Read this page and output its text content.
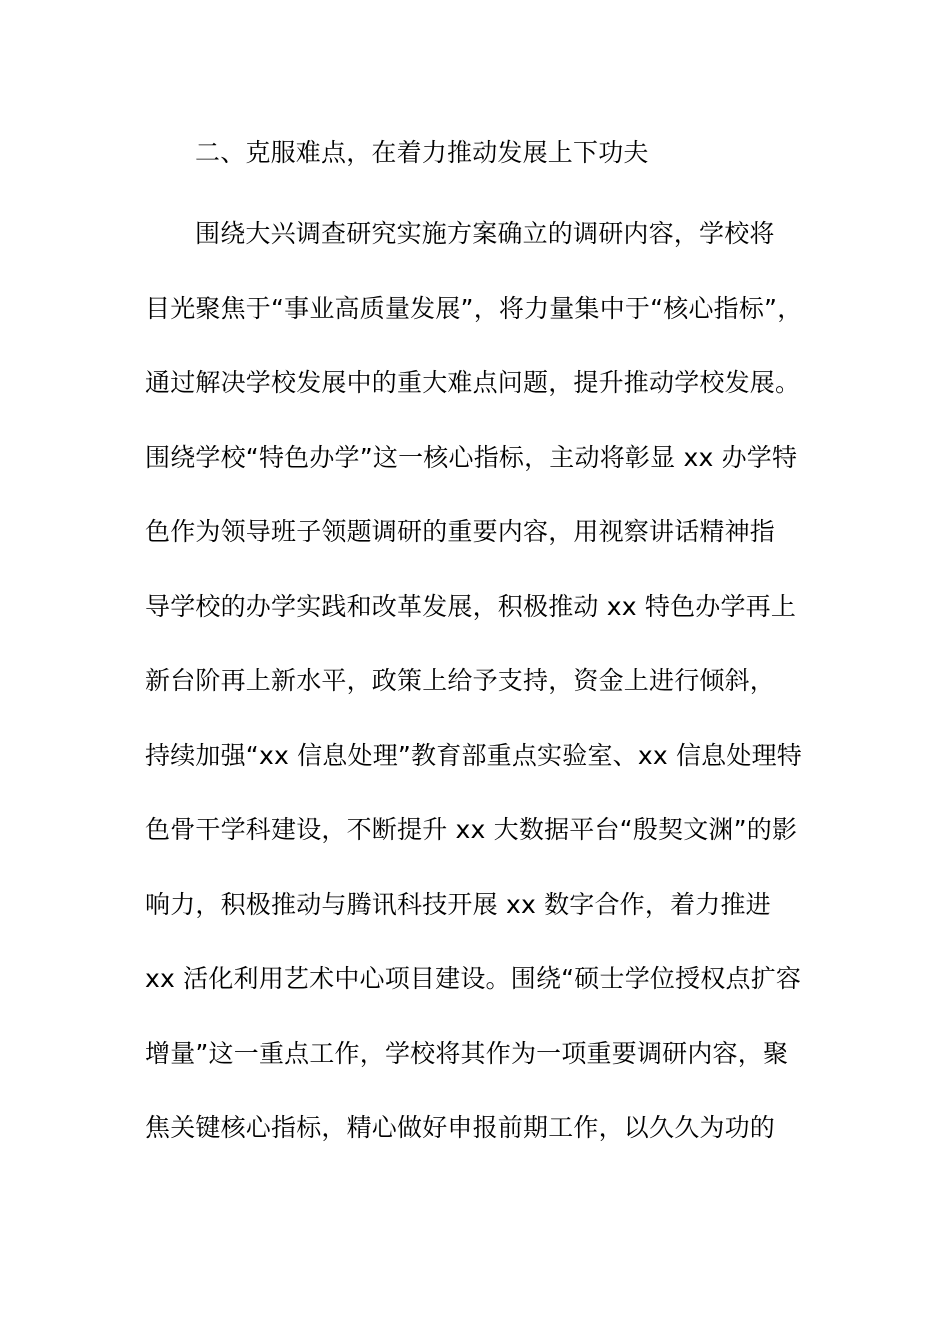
二、克服难点，在着力推动发展上下功夫
围绕大兴调查研究实施方案确立的调研内容，学校将
目光聚焦于“事业高质量发展”，将力量集中于“核心指标”，
通过解决学校发展中的重大难点问题，提升推动学校发展。
围绕学校“特色办学”这一核心指标，主动将彰显 xx 办学特
色作为领导班子领题调研的重要内容，用视察讲话精神指
导学校的办学实践和改革发展，积极推动 xx 特色办学再上
新台阶再上新水平，政策上给予支持，资金上进行倾斜，
持续加强“xx 信息处理”教育部重点实验室、xx 信息处理特
色骨干学科建设，不断提升 xx 大数据平台“殷契文渊”的影
响力，积极推动与腾讯科技开展 xx 数字合作，着力推进
xx 活化利用艺术中心项目建设。围绕“硕士学位授权点扩容
增量”这一重点工作，学校将其作为一项重要调研内容，聚
焦关键核心指标，精心做好申报前期工作，以久久为功的
